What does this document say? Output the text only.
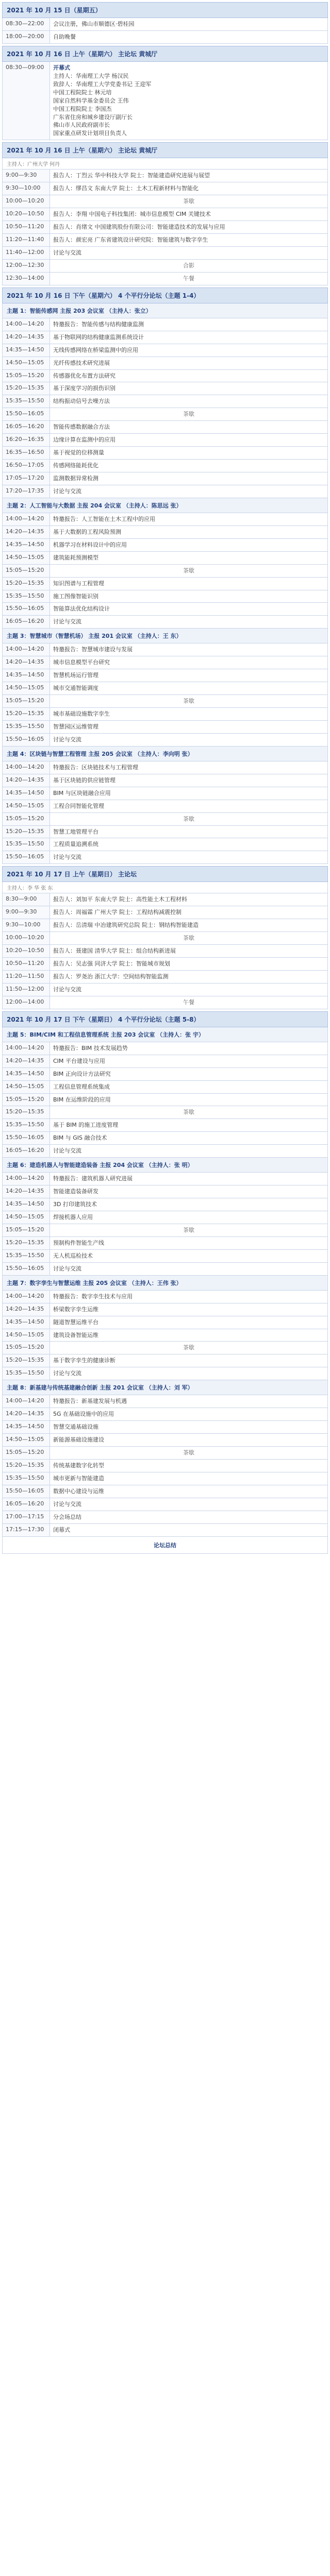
2021 年 10 月 15 日（星期五）
08:30—22:00	会议注册，佛山市顺德区·碧桂园
18:00—20:00	自助晚餐
2021 年 10 月 16 日 上午（星期六） 主论坛 黄城厅
08:30—09:00	开幕式
主持人：华南理工大学 杨汉民
致辞人：华南理工大学党委书记 王迎军
中国工程院院士 林元培
国家自然科学基金委员会 王伟
中国工程院院士 李国杰
广东省住房和城乡建设厅副厅长
佛山市人民政府副市长
国家重点研发计划项目负责人
2021 年 10 月 16 日 上午（星期六） 主论坛 黄城厅
主持人：广州大学 何丹
9:00—9:30	报告人：丁烈云 华中科技大学 院士：智能建造研究进展与展望
9:30—10:00	报告人：缪昌文 东南大学 院士：土木工程新材料与智能化
10:00—10:20	茶歇
10:20—10:50	报告人：李翔 中国电子科技集团：城市信息模型 CIM 关键技术
10:50—11:20	报告人：肖绪文 中国建筑股份有限公司：智能建造技术的发展与应用
11:20—11:40	报告人：颜宏亮 广东省建筑设计研究院：智能建筑与数字孪生
11:40—12:00	讨论与交流
12:00—12:30	合影
12:30—14:00	午餐
2021 年 10 月 16 日 下午（星期六） 4 个平行分论坛（主题 1-4）
主题 1：智能传感网 主报 203 会议室 （主持人：张立）
14:00—14:20	特邀报告：智能传感与结构健康监测
14:20—14:35	基于物联网的结构健康监测系统设计
14:35—14:50	无线传感网络在桥梁监测中的应用
14:50—15:05	光纤传感技术研究进展
15:05—15:20	传感器优化布置方法研究
15:20—15:35	基于深度学习的损伤识别
15:35—15:50	结构振动信号去噪方法
15:50—16:05	茶歇
16:05—16:20	智能传感数据融合方法
16:20—16:35	边缘计算在监测中的应用
16:35—16:50	基于视觉的位移测量
16:50—17:05	传感网络能耗优化
17:05—17:20	监测数据异常检测
17:20—17:35	讨论与交流
主题 2：人工智能与大数据 主报 204 会议室 （主持人：陈思远 张）
14:00—14:20	特邀报告：人工智能在土木工程中的应用
14:20—14:35	基于大数据的工程风险预测
14:35—14:50	机器学习在材料设计中的应用
14:50—15:05	建筑能耗预测模型
15:05—15:20	茶歇
15:20—15:35	知识图谱与工程管理
15:35—15:50	施工图像智能识别
15:50—16:05	智能算法优化结构设计
16:05—16:20	讨论与交流
主题 3：智慧城市（智慧机场） 主报 201 会议室 （主持人：王 东）
14:00—14:20	特邀报告：智慧城市建设与发展
14:20—14:35	城市信息模型平台研究
14:35—14:50	智慧机场运行管理
14:50—15:05	城市交通智能调度
15:05—15:20	茶歇
15:20—15:35	城市基础设施数字孪生
15:35—15:50	智慧园区运维管理
15:50—16:05	讨论与交流
主题 4：区块链与智慧工程管理 主报 205 会议室 （主持人：李向明 张）
14:00—14:20	特邀报告：区块链技术与工程管理
14:20—14:35	基于区块链的供应链管理
14:35—14:50	BIM 与区块链融合应用
14:50—15:05	工程合同智能化管理
15:05—15:20	茶歇
15:20—15:35	智慧工地管理平台
15:35—15:50	工程质量追溯系统
15:50—16:05	讨论与交流
2021 年 10 月 17 日 上午（星期日） 主论坛
主持人：李 华 张 东
8:30—9:00	报告人：刘加平 东南大学 院士：高性能土木工程材料
9:00—9:30	报告人：周福霖 广州大学 院士：工程结构减震控制
9:30—10:00	报告人：岳清瑞 中冶建筑研究总院 院士：钢结构智能建造
10:00—10:20	茶歇
10:20—10:50	报告人：聂建国 清华大学 院士：组合结构新进展
10:50—11:20	报告人：吴志强 同济大学 院士：智能城市规划
11:20—11:50	报告人：罗尧治 浙江大学：空间结构智能监测
11:50—12:00	讨论与交流
12:00—14:00	午餐
2021 年 10 月 17 日 下午（星期日） 4 个平行分论坛（主题 5-8）
主题 5：BIM/CIM 和工程信息管理系统 主报 203 会议室 （主持人：张 宇）
14:00—14:20	特邀报告：BIM 技术发展趋势
14:20—14:35	CIM 平台建设与应用
14:35—14:50	BIM 正向设计方法研究
14:50—15:05	工程信息管理系统集成
15:05—15:20	BIM 在运维阶段的应用
15:20—15:35	茶歇
15:35—15:50	基于 BIM 的施工进度管理
15:50—16:05	BIM 与 GIS 融合技术
16:05—16:20	讨论与交流
主题 6：建造机器人与智能建造装备 主报 204 会议室 （主持人：张 明）
14:00—14:20	特邀报告：建筑机器人研究进展
14:20—14:35	智能建造装备研发
14:35—14:50	3D 打印建筑技术
14:50—15:05	焊接机器人应用
15:05—15:20	茶歇
15:20—15:35	预制构件智能生产线
15:35—15:50	无人机巡检技术
15:50—16:05	讨论与交流
主题 7：数字孪生与智慧运维 主报 205 会议室 （主持人：王伟 张）
14:00—14:20	特邀报告：数字孪生技术与应用
14:20—14:35	桥梁数字孪生运维
14:35—14:50	隧道智慧运维平台
14:50—15:05	建筑设备智能运维
15:05—15:20	茶歇
15:20—15:35	基于数字孪生的健康诊断
15:35—15:50	讨论与交流
主题 8：新基建与传统基建融合创新 主报 201 会议室 （主持人：刘 军）
14:00—14:20	特邀报告：新基建发展与机遇
14:20—14:35	5G 在基础设施中的应用
14:35—14:50	智慧交通基础设施
14:50—15:05	新能源基础设施建设
15:05—15:20	茶歇
15:20—15:35	传统基建数字化转型
15:35—15:50	城市更新与智能建造
15:50—16:05	数据中心建设与运维
16:05—16:20	讨论与交流
17:00—17:15	分会场总结
17:15—17:30	闭幕式
论坛总结
